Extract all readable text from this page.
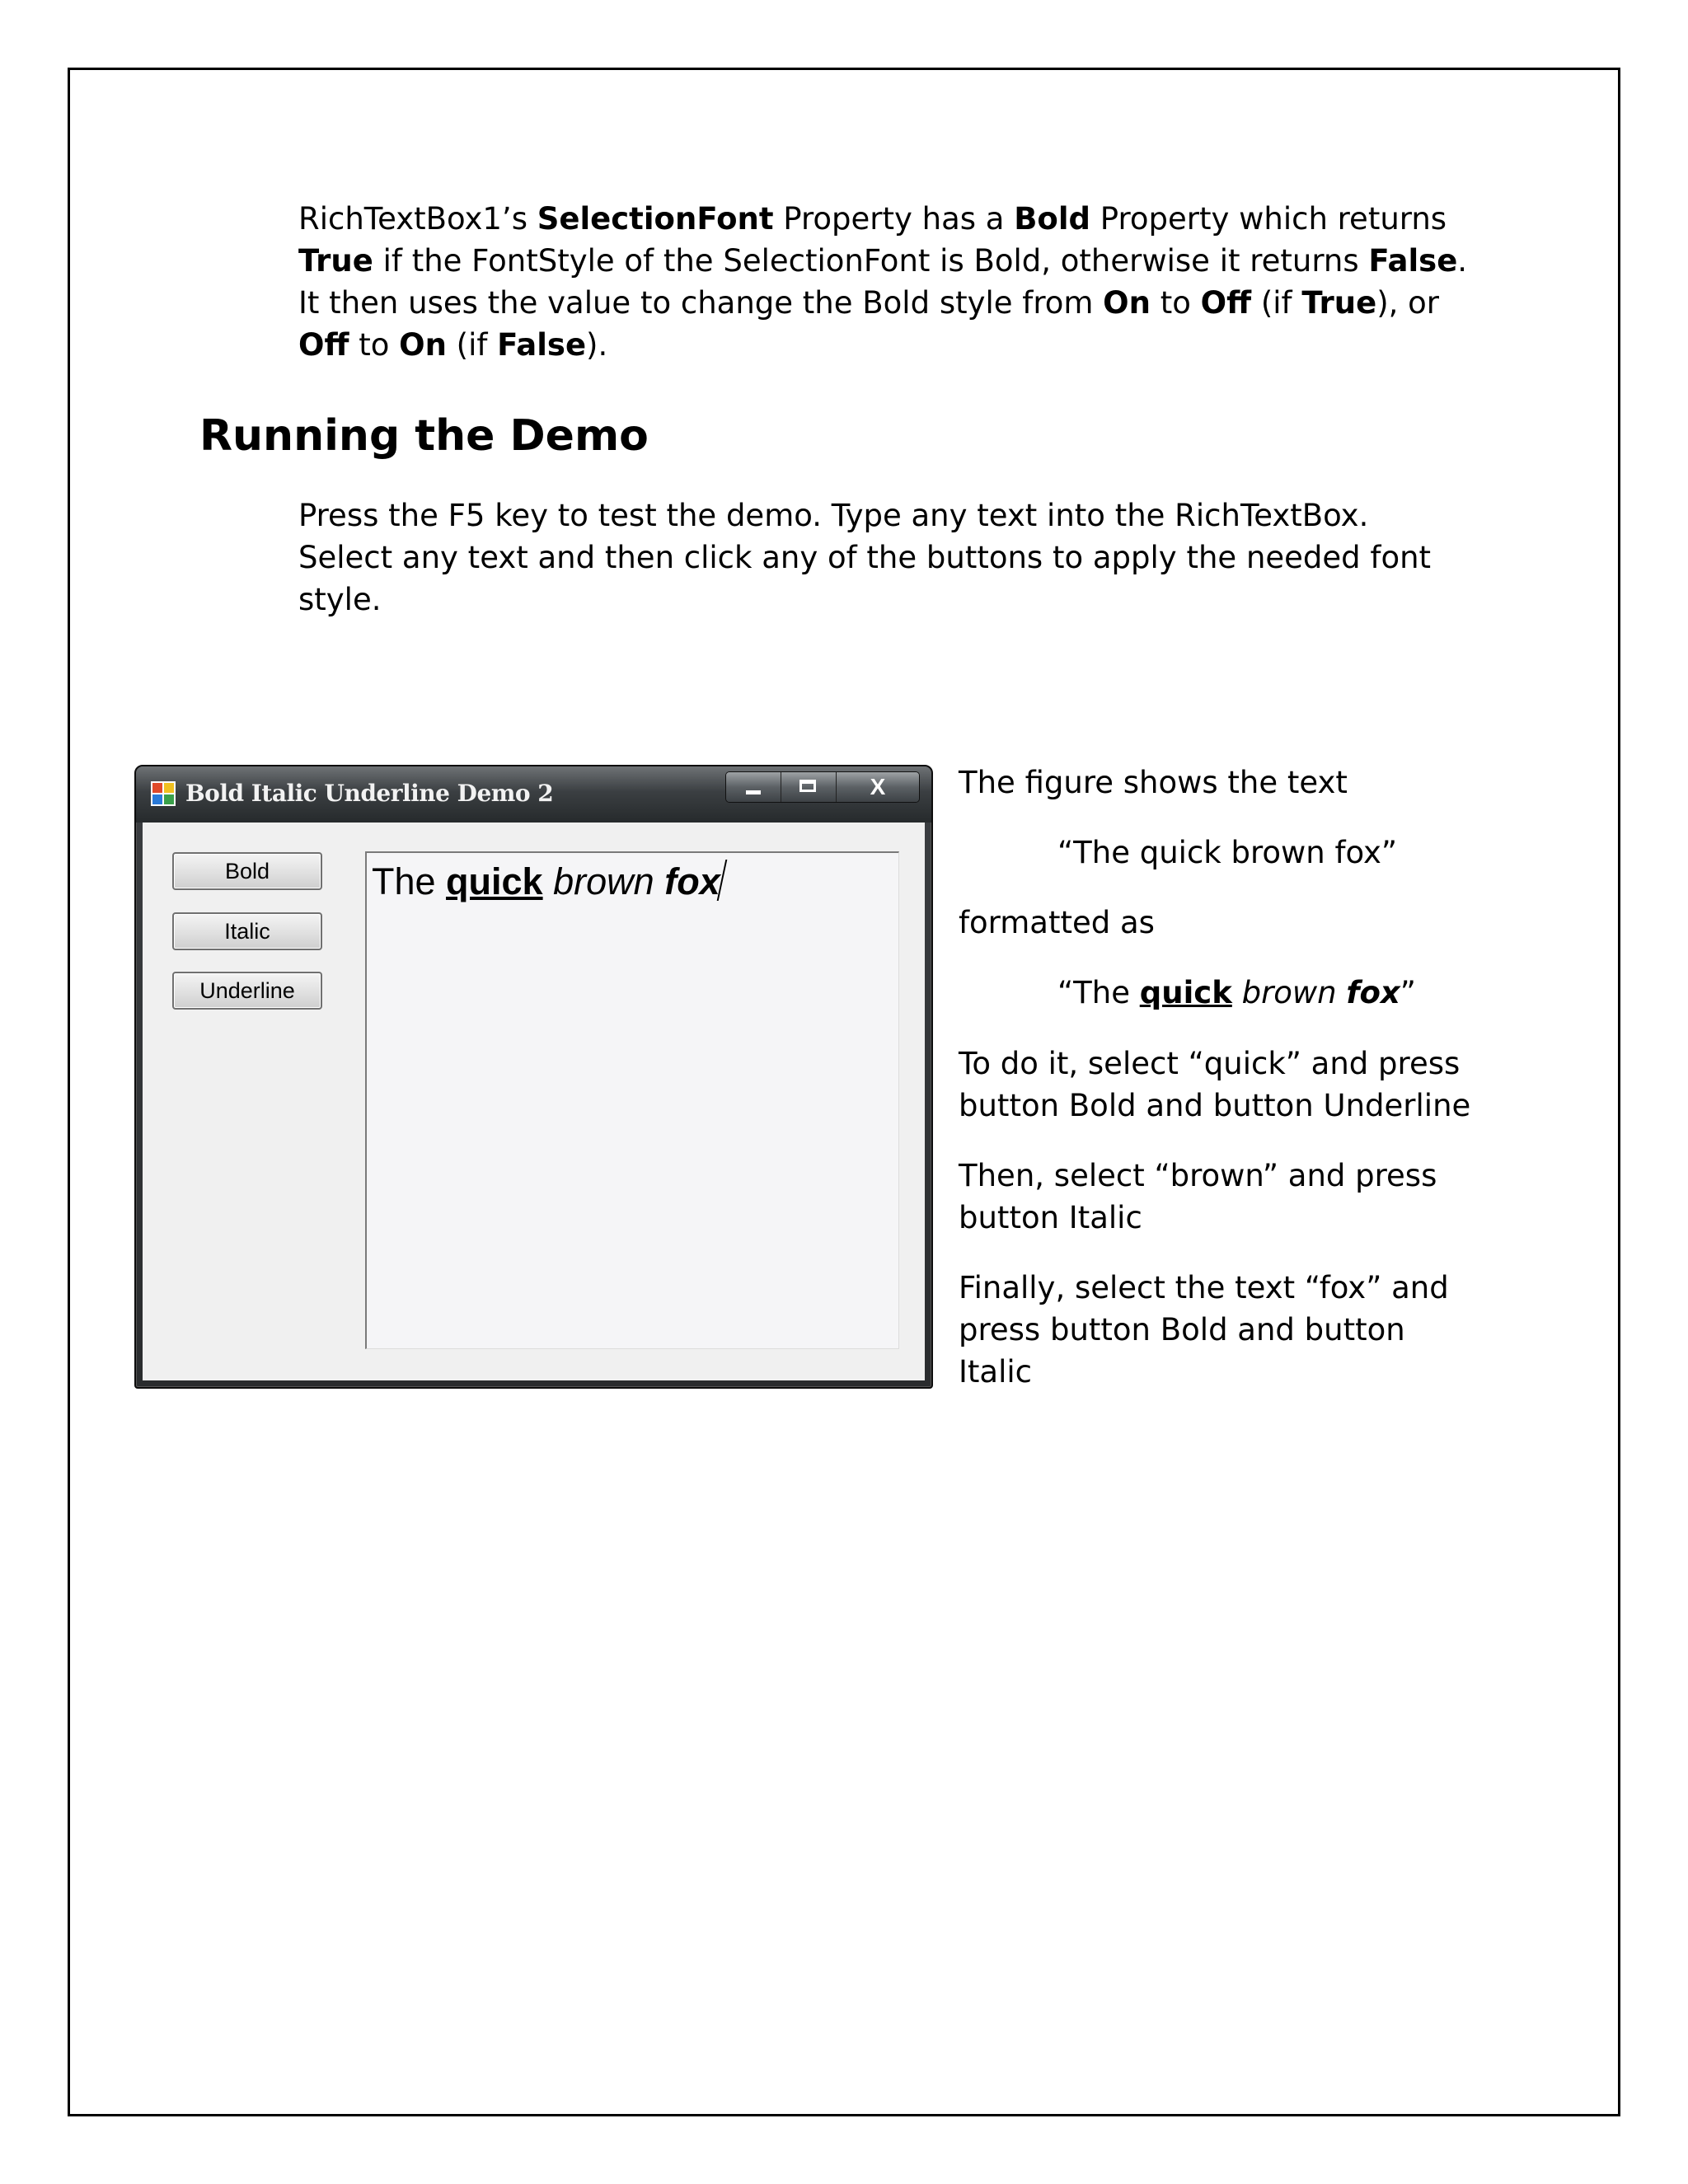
RichTextBox1’s SelectionFont Property has a Bold Property which returns
True if the FontStyle of the SelectionFont is Bold, otherwise it returns False.
It then uses the value to change the Bold style from On to Off (if True), or
Off to On (if False).
Running the Demo
Press the F5 key to test the demo. Type any text into the RichTextBox.
Select any text and then click any of the buttons to apply the needed font
style.
Bold Italic Underline Demo 2	X
Bold
Italic
Underline
The quick brown fox

The figure shows the text

“The quick brown fox”

formatted as

“The quick brown fox”

To do it, select “quick” and press
button Bold and button Underline

Then, select “brown” and press
button Italic

Finally, select the text “fox” and
press button Bold and button
Italic
